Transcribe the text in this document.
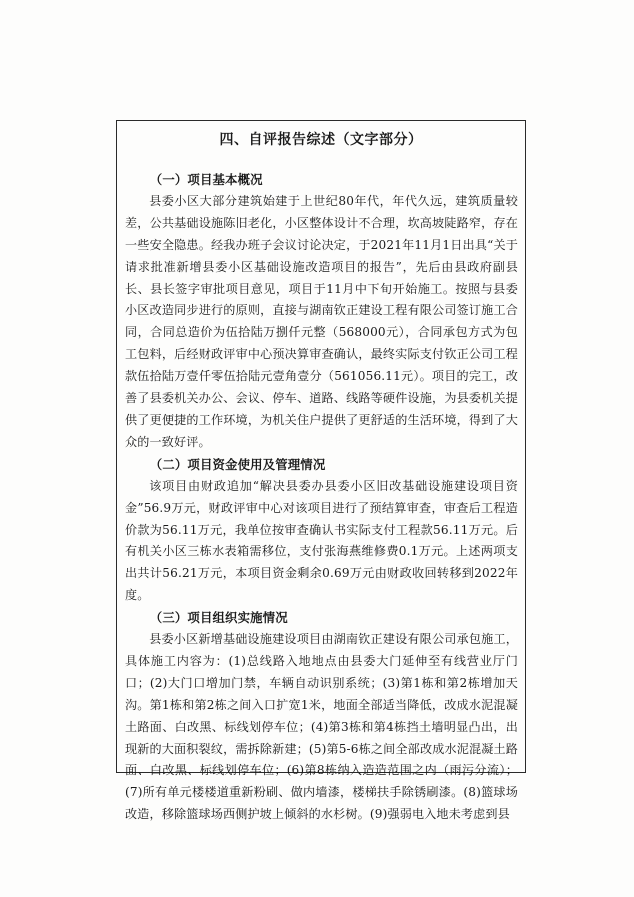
四、自评报告综述（文字部分）
（一）项目基本概况

县委小区大部分建筑始建于上世纪80年代，年代久远，建筑质量较差，公共基础设施陈旧老化，小区整体设计不合理，坎高坡陡路窄，存在一些安全隐患。经我办班子会议讨论决定，于2021年11月1日出具“关于请求批准新增县委小区基础设施改造项目的报告”，先后由县政府副县长、县长签字审批项目意见，项目于11月中下旬开始施工。按照与县委小区改造同步进行的原则，直接与湖南钦正建设工程有限公司签订施工合同，合同总造价为伍拾陆万捌仟元整（568000元），合同承包方式为包工包料，后经财政评审中心预决算审查确认，最终实际支付钦正公司工程款伍拾陆万壹仟零伍拾陆元壹角壹分（561056.11元）。项目的完工，改善了县委机关办公、会议、停车、道路、线路等硬件设施，为县委机关提供了更便捷的工作环境，为机关住户提供了更舒适的生活环境，得到了大众的一致好评。

（二）项目资金使用及管理情况

该项目由财政追加“解决县委办县委小区旧改基础设施建设项目资金”56.9万元，财政评审中心对该项目进行了预结算审查，审查后工程造价款为56.11万元，我单位按审查确认书实际支付工程款56.11万元。后有机关小区三栋水表箱需移位，支付张海燕维修费0.1万元。上述两项支出共计56.21万元，本项目资金剩余0.69万元由财政收回转移到2022年度。

（三）项目组织实施情况

县委小区新增基础设施建设项目由湖南钦正建设有限公司承包施工，具体施工内容为：(1)总线路入地地点由县委大门延伸至有线营业厅门口；(2)大门口增加门禁，车辆自动识别系统；(3)第1栋和第2栋增加天沟。第1栋和第2栋之间入口扩宽1米，地面全部适当降低，改成水泥混凝土路面、白改黑、标线划停车位；(4)第3栋和第4栋挡土墙明显凸出，出现新的大面积裂纹，需拆除新建；(5)第5-6栋之间全部改成水泥混凝土路面、白改黑、标线划停车位；(6)第8栋纳入造造范围之内（雨污分流）；(7)所有单元楼楼道重新粉刷、做内墙漆，楼梯扶手除锈刷漆。(8)篮球场改造，移除篮球场西侧护坡上倾斜的水杉树。(9)强弱电入地未考虑到县
